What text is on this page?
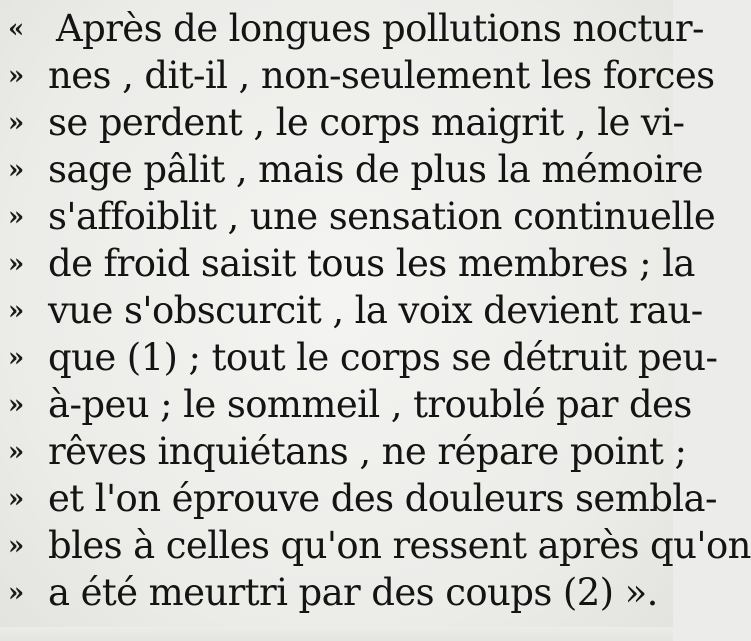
« Après de longues pollutions noctur-
» nes , dit-il , non-seulement les forces
» se perdent , le corps maigrit , le vi-
» sage pâlit , mais de plus la mémoire
» s'affoiblit , une sensation continuelle
» de froid saisit tous les membres ; la
» vue s'obscurcit , la voix devient rau-
» que (1) ; tout le corps se détruit peu-
» à-peu ; le sommeil , troublé par des
» rêves inquiétans , ne répare point ;
» et l'on éprouve des douleurs sembla-
» bles à celles qu'on ressent après qu'on
» a été meurtri par des coups (2) ».
